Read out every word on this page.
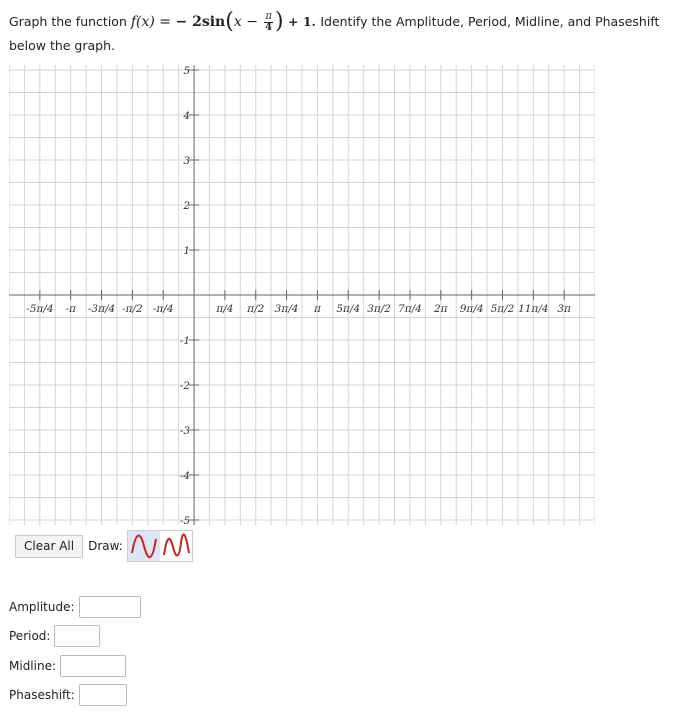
Graph the function f(x) = − $2\sin(x - \frac{\pi}{4}$ ) + 1. Identify the Amplitude, Period, Midline, and Phaseshift below the graph.
-5π/4 -π -3π/4 -π/2 -π/4	π/4 π/2 3π/4 π 5π/4 3π/2 7π/4 2π 9π/4 5π/2 11π/4 3π
5
4
3
2
1
-1
-2
-3
-4
-5
Clear All	Draw:
Amplitude:
Period:
Midline:
Phaseshift:
